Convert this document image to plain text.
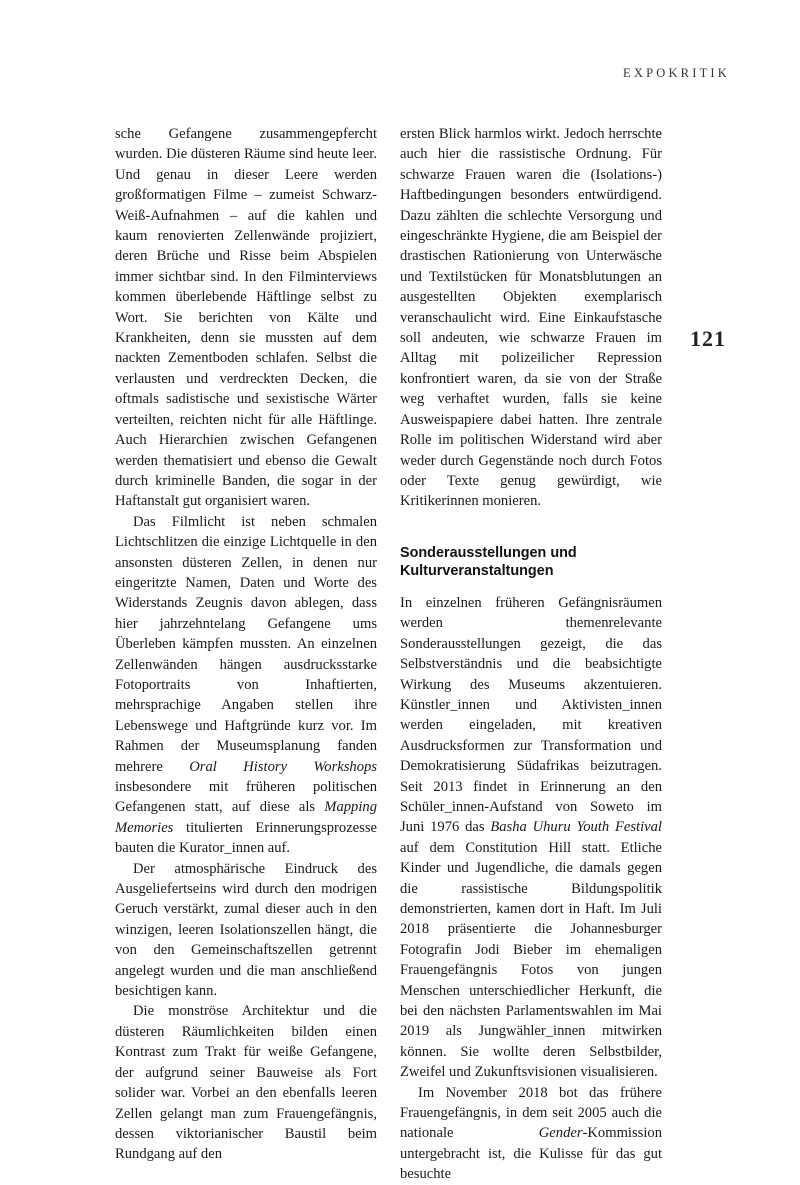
EXPOKRITIK
121

sche Gefangene zusammengepfercht wurden. Die düsteren Räume sind heute leer. Und genau in dieser Leere werden großformatigen Filme – zumeist Schwarz-Weiß-Aufnahmen – auf die kahlen und kaum renovierten Zellenwände projiziert, deren Brüche und Risse beim Abspielen immer sichtbar sind. In den Filminterviews kommen überlebende Häftlinge selbst zu Wort. Sie berichten von Kälte und Krankheiten, denn sie mussten auf dem nackten Zementboden schlafen. Selbst die verlausten und verdreckten Decken, die oftmals sadistische und sexistische Wärter verteilten, reichten nicht für alle Häftlinge. Auch Hierarchien zwischen Gefangenen werden thematisiert und ebenso die Gewalt durch kriminelle Banden, die sogar in der Haftanstalt gut organisiert waren.

Das Filmlicht ist neben schmalen Lichtschlitzen die einzige Lichtquelle in den ansonsten düsteren Zellen, in denen nur eingeritzte Namen, Daten und Worte des Widerstands Zeugnis davon ablegen, dass hier jahrzehntelang Gefangene ums Überleben kämpfen mussten. An einzelnen Zellenwänden hängen ausdrucksstarke Fotoportraits von Inhaftierten, mehrsprachige Angaben stellen ihre Lebenswege und Haftgründe kurz vor. Im Rahmen der Museumsplanung fanden mehrere Oral History Workshops insbesondere mit früheren politischen Gefangenen statt, auf diese als Mapping Memories titulierten Erinnerungsprozesse bauten die Kurator_innen auf.

Der atmosphärische Eindruck des Ausgeliefertseins wird durch den modrigen Geruch verstärkt, zumal dieser auch in den winzigen, leeren Isolationszellen hängt, die von den Gemeinschaftszellen getrennt angelegt wurden und die man anschließend besichtigen kann.

Die monströse Architektur und die düsteren Räumlichkeiten bilden einen Kontrast zum Trakt für weiße Gefangene, der aufgrund seiner Bauweise als Fort solider war. Vorbei an den ebenfalls leeren Zellen gelangt man zum Frauengefängnis, dessen viktorianischer Baustil beim Rundgang auf den

ersten Blick harmlos wirkt. Jedoch herrschte auch hier die rassistische Ordnung. Für schwarze Frauen waren die (Isolations-) Haftbedingungen besonders entwürdigend. Dazu zählten die schlechte Versorgung und eingeschränkte Hygiene, die am Beispiel der drastischen Rationierung von Unterwäsche und Textilstücken für Monatsblutungen an ausgestellten Objekten exemplarisch veranschaulicht wird. Eine Einkaufstasche soll andeuten, wie schwarze Frauen im Alltag mit polizeilicher Repression konfrontiert waren, da sie von der Straße weg verhaftet wurden, falls sie keine Ausweispapiere dabei hatten. Ihre zentrale Rolle im politischen Widerstand wird aber weder durch Gegenstände noch durch Fotos oder Texte genug gewürdigt, wie Kritikerinnen monieren.

Sonderausstellungen und Kulturveranstaltungen

In einzelnen früheren Gefängnisräumen werden themenrelevante Sonderausstellungen gezeigt, die das Selbstverständnis und die beabsichtigte Wirkung des Museums akzentuieren. Künstler_innen und Aktivisten_innen werden eingeladen, mit kreativen Ausdrucksformen zur Transformation und Demokratisierung Südafrikas beizutragen. Seit 2013 findet in Erinnerung an den Schüler_innen-Aufstand von Soweto im Juni 1976 das Basha Uhuru Youth Festival auf dem Constitution Hill statt. Etliche Kinder und Jugendliche, die damals gegen die rassistische Bildungspolitik demonstrierten, kamen dort in Haft. Im Juli 2018 präsentierte die Johannesburger Fotografin Jodi Bieber im ehemaligen Frauengefängnis Fotos von jungen Menschen unterschiedlicher Herkunft, die bei den nächsten Parlamentswahlen im Mai 2019 als Jungwähler_innen mitwirken können. Sie wollte deren Selbstbilder, Zweifel und Zukunftsvisionen visualisieren.

Im November 2018 bot das frühere Frauengefängnis, in dem seit 2005 auch die nationale Gender-Kommission untergebracht ist, die Kulisse für das gut besuchte
